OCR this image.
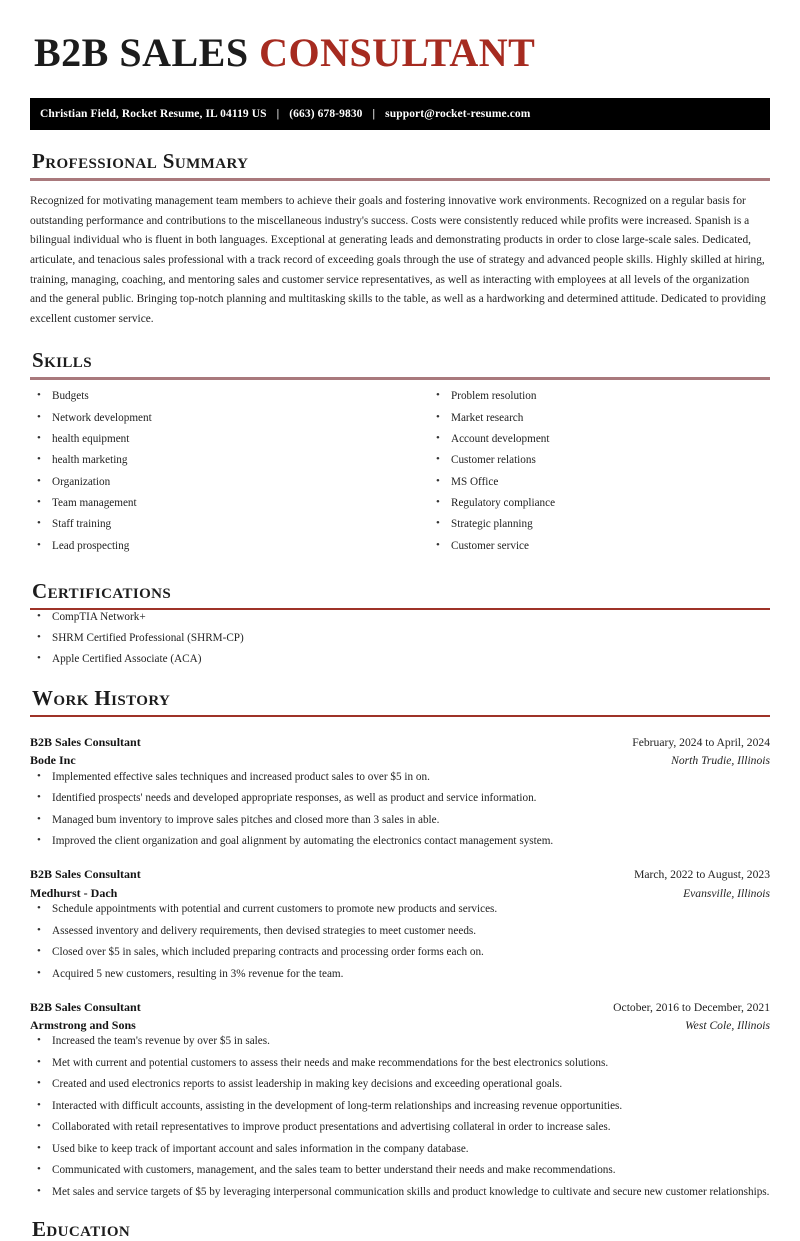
B2B SALES CONSULTANT
Christian Field, Rocket Resume, IL 04119 US | (663) 678-9830 | support@rocket-resume.com
Professional Summary
Recognized for motivating management team members to achieve their goals and fostering innovative work environments. Recognized on a regular basis for outstanding performance and contributions to the miscellaneous industry's success. Costs were consistently reduced while profits were increased. Spanish is a bilingual individual who is fluent in both languages. Exceptional at generating leads and demonstrating products in order to close large-scale sales. Dedicated, articulate, and tenacious sales professional with a track record of exceeding goals through the use of strategy and advanced people skills. Highly skilled at hiring, training, managing, coaching, and mentoring sales and customer service representatives, as well as interacting with employees at all levels of the organization and the general public. Bringing top-notch planning and multitasking skills to the table, as well as a hardworking and determined attitude. Dedicated to providing excellent customer service.
Skills
• Budgets
• Network development
• health equipment
• health marketing
• Organization
• Team management
• Staff training
• Lead prospecting
• Problem resolution
• Market research
• Account development
• Customer relations
• MS Office
• Regulatory compliance
• Strategic planning
• Customer service
Certifications
• CompTIA Network+
• SHRM Certified Professional (SHRM-CP)
• Apple Certified Associate (ACA)
Work History
B2B Sales Consultant	February, 2024 to April, 2024
Bode Inc	North Trudie, Illinois
• Implemented effective sales techniques and increased product sales to over $5 in on.
• Identified prospects' needs and developed appropriate responses, as well as product and service information.
• Managed bum inventory to improve sales pitches and closed more than 3 sales in able.
• Improved the client organization and goal alignment by automating the electronics contact management system.
B2B Sales Consultant	March, 2022 to August, 2023
Medhurst - Dach	Evansville, Illinois
• Schedule appointments with potential and current customers to promote new products and services.
• Assessed inventory and delivery requirements, then devised strategies to meet customer needs.
• Closed over $5 in sales, which included preparing contracts and processing order forms each on.
• Acquired 5 new customers, resulting in 3% revenue for the team.
B2B Sales Consultant	October, 2016 to December, 2021
Armstrong and Sons	West Cole, Illinois
• Increased the team's revenue by over $5 in sales.
• Met with current and potential customers to assess their needs and make recommendations for the best electronics solutions.
• Created and used electronics reports to assist leadership in making key decisions and exceeding operational goals.
• Interacted with difficult accounts, assisting in the development of long-term relationships and increasing revenue opportunities.
• Collaborated with retail representatives to improve product presentations and advertising collateral in order to increase sales.
• Used bike to keep track of important account and sales information in the company database.
• Communicated with customers, management, and the sales team to better understand their needs and make recommendations.
• Met sales and service targets of $5 by leveraging interpersonal communication skills and product knowledge to cultivate and secure new customer relationships.
Education
